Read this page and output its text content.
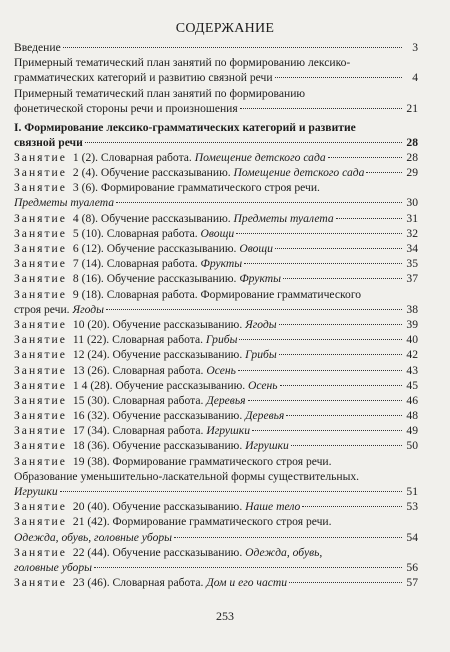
СОДЕРЖАНИЕ
Введение	3
Примерный тематический план занятий по формированию лексико-
грамматических категорий и развитию связной речи	4
Примерный тематический план занятий по формированию
фонетической стороны речи и произношения	21
I. Формирование лексико-грамматических категорий и развитие
связной речи	28
Занятие 1 (2). Словарная работа. Помещение детского сада	28
Занятие 2 (4). Обучение рассказыванию. Помещение детского сада	29
Занятие 3 (6). Формирование грамматического строя речи.
Предметы туалета	30
Занятие 4 (8). Обучение рассказыванию. Предметы туалета	31
Занятие 5 (10). Словарная работа. Овощи	32
Занятие 6 (12). Обучение рассказыванию. Овощи	34
Занятие 7 (14). Словарная работа. Фрукты	35
Занятие 8 (16). Обучение рассказыванию. Фрукты	37
Занятие 9 (18). Словарная работа. Формирование грамматического
строя речи. Ягоды	38
Занятие 10 (20). Обучение рассказыванию. Ягоды	39
Занятие 11 (22). Словарная работа. Грибы	40
Занятие 12 (24). Обучение рассказыванию. Грибы	42
Занятие 13 (26). Словарная работа. Осень	43
Занятие 1 4 (28). Обучение рассказыванию. Осень	45
Занятие 15 (30). Словарная работа. Деревья	46
Занятие 16 (32). Обучение рассказыванию. Деревья	48
Занятие 17 (34). Словарная работа. Игрушки	49
Занятие 18 (36). Обучение рассказыванию. Игрушки	50
Занятие 19 (38). Формирование грамматического строя речи.
Образование уменьшительно-ласкательной формы существительных.
Игрушки	51
Занятие 20 (40). Обучение рассказыванию. Наше тело	53
Занятие 21 (42). Формирование грамматического строя речи.
Одежда, обувь, головные уборы	54
Занятие 22 (44). Обучение рассказыванию. Одежда, обувь,
головные уборы	56
Занятие 23 (46). Словарная работа. Дом и его части	57
253
